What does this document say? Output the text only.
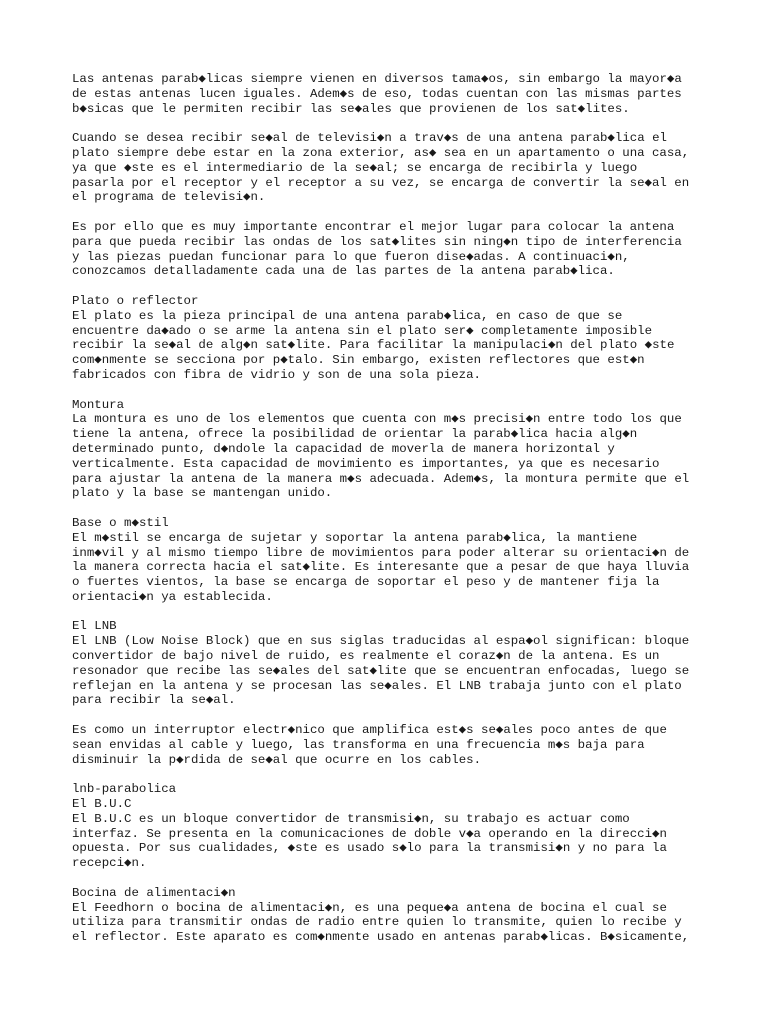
Las antenas parab◆licas siempre vienen en diversos tama◆os, sin embargo la mayor◆a
de estas antenas lucen iguales. Adem◆s de eso, todas cuentan con las mismas partes
b◆sicas que le permiten recibir las se◆ales que provienen de los sat◆lites.
Cuando se desea recibir se◆al de televisi◆n a trav◆s de una antena parab◆lica el
plato siempre debe estar en la zona exterior, as◆ sea en un apartamento o una casa,
ya que ◆ste es el intermediario de la se◆al; se encarga de recibirla y luego
pasarla por el receptor y el receptor a su vez, se encarga de convertir la se◆al en
el programa de televisi◆n.
Es por ello que es muy importante encontrar el mejor lugar para colocar la antena
para que pueda recibir las ondas de los sat◆lites sin ning◆n tipo de interferencia
y las piezas puedan funcionar para lo que fueron dise◆adas. A continuaci◆n,
conozcamos detalladamente cada una de las partes de la antena parab◆lica.
Plato o reflector
El plato es la pieza principal de una antena parab◆lica, en caso de que se
encuentre da◆ado o se arme la antena sin el plato ser◆ completamente imposible
recibir la se◆al de alg◆n sat◆lite. Para facilitar la manipulaci◆n del plato ◆ste
com◆nmente se secciona por p◆talo. Sin embargo, existen reflectores que est◆n
fabricados con fibra de vidrio y son de una sola pieza.
Montura
La montura es uno de los elementos que cuenta con m◆s precisi◆n entre todo los que
tiene la antena, ofrece la posibilidad de orientar la parab◆lica hacia alg◆n
determinado punto, d◆ndole la capacidad de moverla de manera horizontal y
verticalmente. Esta capacidad de movimiento es importantes, ya que es necesario
para ajustar la antena de la manera m◆s adecuada. Adem◆s, la montura permite que el
plato y la base se mantengan unido.
Base o m◆stil
El m◆stil se encarga de sujetar y soportar la antena parab◆lica, la mantiene
inm◆vil y al mismo tiempo libre de movimientos para poder alterar su orientaci◆n de
la manera correcta hacia el sat◆lite. Es interesante que a pesar de que haya lluvia
o fuertes vientos, la base se encarga de soportar el peso y de mantener fija la
orientaci◆n ya establecida.
El LNB
El LNB (Low Noise Block) que en sus siglas traducidas al espa◆ol significan: bloque
convertidor de bajo nivel de ruido, es realmente el coraz◆n de la antena. Es un
resonador que recibe las se◆ales del sat◆lite que se encuentran enfocadas, luego se
reflejan en la antena y se procesan las se◆ales. El LNB trabaja junto con el plato
para recibir la se◆al.
Es como un interruptor electr◆nico que amplifica est◆s se◆ales poco antes de que
sean envidas al cable y luego, las transforma en una frecuencia m◆s baja para
disminuir la p◆rdida de se◆al que ocurre en los cables.
lnb-parabolica
El B.U.C
El B.U.C es un bloque convertidor de transmisi◆n, su trabajo es actuar como
interfaz. Se presenta en la comunicaciones de doble v◆a operando en la direcci◆n
opuesta. Por sus cualidades, ◆ste es usado s◆lo para la transmisi◆n y no para la
recepci◆n.
Bocina de alimentaci◆n
El Feedhorn o bocina de alimentaci◆n, es una peque◆a antena de bocina el cual se
utiliza para transmitir ondas de radio entre quien lo transmite, quien lo recibe y
el reflector. Este aparato es com◆nmente usado en antenas parab◆licas. B◆sicamente,
